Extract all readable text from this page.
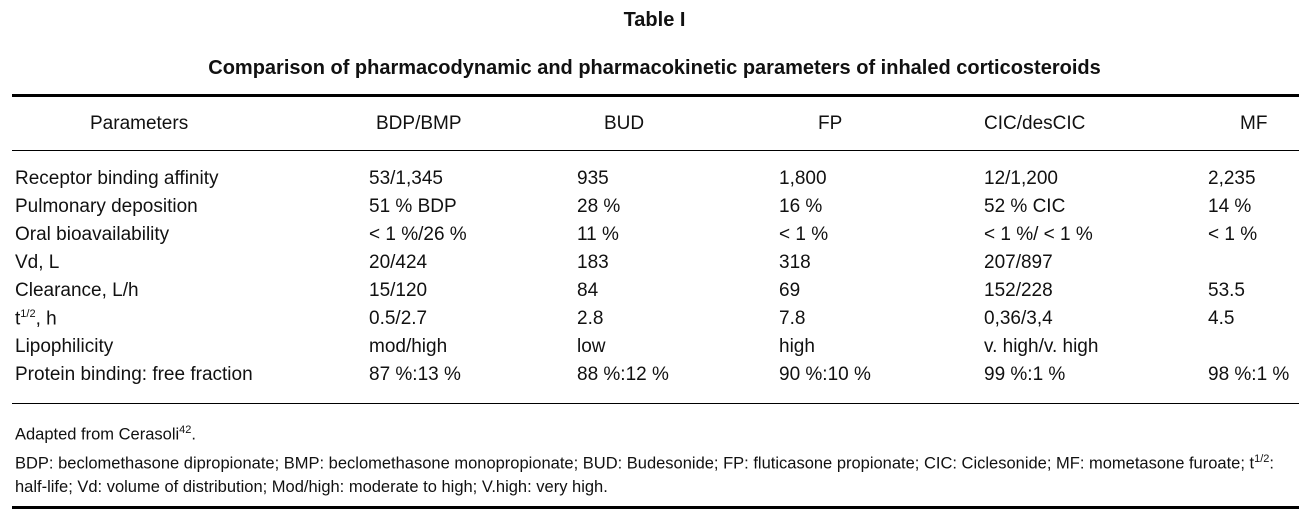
Table I
Comparison of pharmacodynamic and pharmacokinetic parameters of inhaled corticosteroids
Parameters	BDP/BMP	BUD	FP	CIC/desCIC	MF
Receptor binding affinity	53/1,345	935	1,800	12/1,200	2,235
Pulmonary deposition	51 % BDP	28 %	16 %	52 % CIC	14 %
Oral bioavailability	< 1 %/26 %	11 %	< 1 %	< 1 %/ < 1 %	< 1 %
Vd, L	20/424	183	318	207/897
Clearance, L/h	15/120	84	69	152/228	53.5
$t^{1/2}$, h	0.5/2.7	2.8	7.8	0,36/3,4	4.5
Lipophilicity	mod/high	low	high	v. high/v. high
Protein binding: free fraction	87 %:13 %	88 %:12 %	90 %:10 %	99 %:1 %	98 %:1 %
Adapted from Cerasoli$^{42}$.
BDP: beclomethasone dipropionate; BMP: beclomethasone monopropionate; BUD: Budesonide; FP: fluticasone propionate; CIC: Ciclesonide; MF: mometasone furoate; $t^{1/2}$: half-life; Vd: volume of distribution; Mod/high: moderate to high; V.high: very high.
